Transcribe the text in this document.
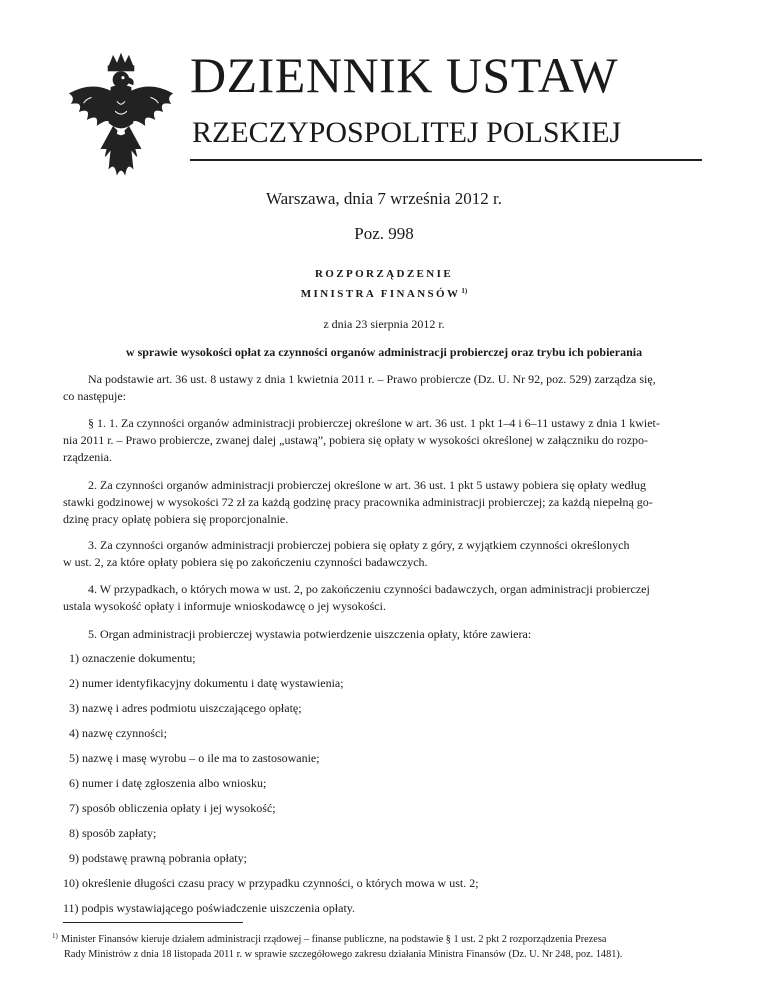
DZIENNIK USTAW
RZECZYPOSPOLITEJ POLSKIEJ
Warszawa, dnia 7 września 2012 r.
Poz. 998
ROZPORZĄDZENIE
MINISTRA FINANSÓW$^{1)}$
z dnia 23 sierpnia 2012 r.
w sprawie wysokości opłat za czynności organów administracji probierczej oraz trybu ich pobierania
Na podstawie art. 36 ust. 8 ustawy z dnia 1 kwietnia 2011 r. – Prawo probiercze (Dz. U. Nr 92, poz. 529) zarządza się,
co następuje:
§ 1. 1. Za czynności organów administracji probierczej określone w art. 36 ust. 1 pkt 1–4 i 6–11 ustawy z dnia 1 kwiet-
nia 2011 r. – Prawo probiercze, zwanej dalej „ustawą”, pobiera się opłaty w wysokości określonej w załączniku do rozpo-
rządzenia.
2. Za czynności organów administracji probierczej określone w art. 36 ust. 1 pkt 5 ustawy pobiera się opłaty według
stawki godzinowej w wysokości 72 zł za każdą godzinę pracy pracownika administracji probierczej; za każdą niepełną go-
dzinę pracy opłatę pobiera się proporcjonalnie.
3. Za czynności organów administracji probierczej pobiera się opłaty z góry, z wyjątkiem czynności określonych
w ust. 2, za które opłaty pobiera się po zakończeniu czynności badawczych.
4. W przypadkach, o których mowa w ust. 2, po zakończeniu czynności badawczych, organ administracji probierczej
ustala wysokość opłaty i informuje wnioskodawcę o jej wysokości.
5. Organ administracji probierczej wystawia potwierdzenie uiszczenia opłaty, które zawiera:
1) oznaczenie dokumentu;
2) numer identyfikacyjny dokumentu i datę wystawienia;
3) nazwę i adres podmiotu uiszczającego opłatę;
4) nazwę czynności;
5) nazwę i masę wyrobu – o ile ma to zastosowanie;
6) numer i datę zgłoszenia albo wniosku;
7) sposób obliczenia opłaty i jej wysokość;
8) sposób zapłaty;
9) podstawę prawną pobrania opłaty;
10) określenie długości czasu pracy w przypadku czynności, o których mowa w ust. 2;
11) podpis wystawiającego poświadczenie uiszczenia opłaty.
$^{1)}$ Minister Finansów kieruje działem administracji rządowej – finanse publiczne, na podstawie § 1 ust. 2 pkt 2 rozporządzenia Prezesa
Rady Ministrów z dnia 18 listopada 2011 r. w sprawie szczegółowego zakresu działania Ministra Finansów (Dz. U. Nr 248, poz. 1481).
